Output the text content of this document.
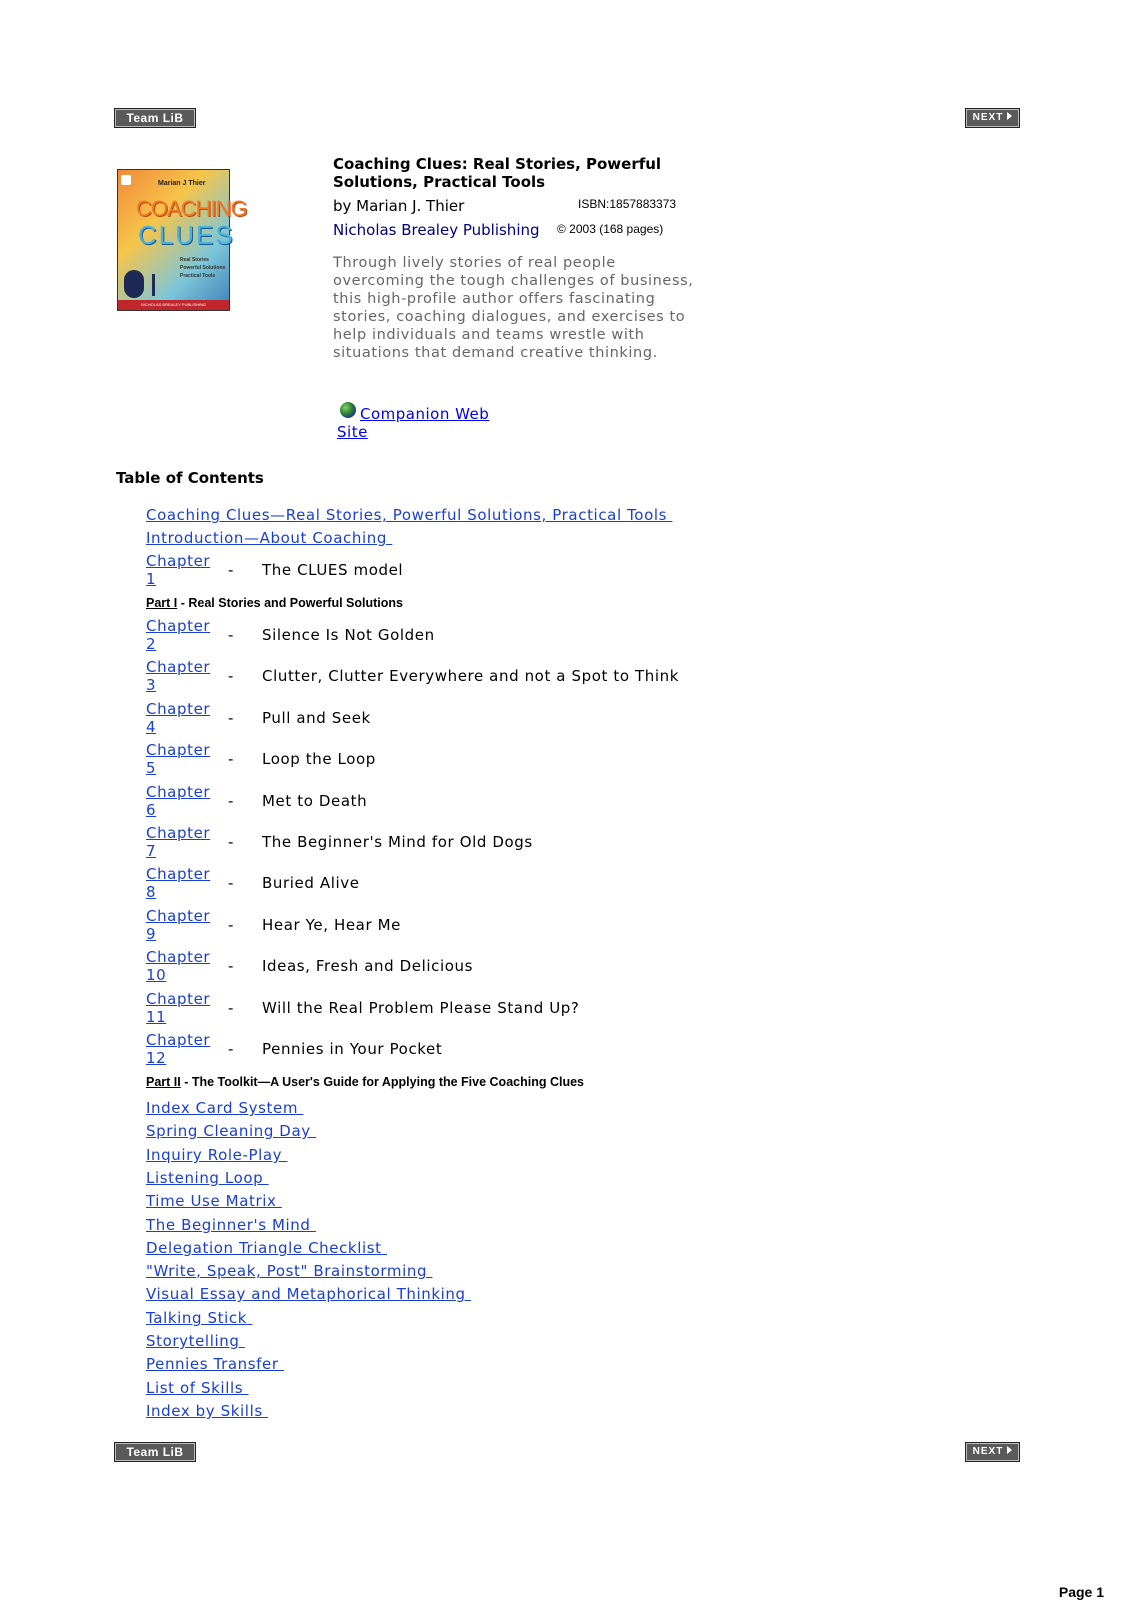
Team LiB	NEXT
Marian J Thier
COACHING
CLUES
Real Stories Powerful Solutions Practical Tools
NICHOLAS BREALEY PUBLISHING
Coaching Clues: Real Stories, Powerful Solutions, Practical Tools
by Marian J. Thier	ISBN:1857883373
Nicholas Brealey Publishing © 2003 (168 pages)
Through lively stories of real people overcoming the tough challenges of business, this high-profile author offers fascinating stories, coaching dialogues, and exercises to help individuals and teams wrestle with situations that demand creative thinking.
Companion Web Site
Table of Contents
Coaching Clues—Real Stories, Powerful Solutions, Practical Tools
Introduction—About Coaching
Chapter 1	- The CLUES model
Part I - Real Stories and Powerful Solutions
Chapter 2	- Silence Is Not Golden
Chapter 3	- Clutter, Clutter Everywhere and not a Spot to Think
Chapter 4	- Pull and Seek
Chapter 5	- Loop the Loop
Chapter 6	- Met to Death
Chapter 7	- The Beginner's Mind for Old Dogs
Chapter 8	- Buried Alive
Chapter 9	- Hear Ye, Hear Me
Chapter 10	- Ideas, Fresh and Delicious
Chapter 11	- Will the Real Problem Please Stand Up?
Chapter 12	- Pennies in Your Pocket
Part II - The Toolkit—A User's Guide for Applying the Five Coaching Clues
Index Card System
Spring Cleaning Day
Inquiry Role-Play
Listening Loop
Time Use Matrix
The Beginner's Mind
Delegation Triangle Checklist
"Write, Speak, Post" Brainstorming
Visual Essay and Metaphorical Thinking
Talking Stick
Storytelling
Pennies Transfer
List of Skills
Index by Skills
Team LiB	NEXT
Page 1
